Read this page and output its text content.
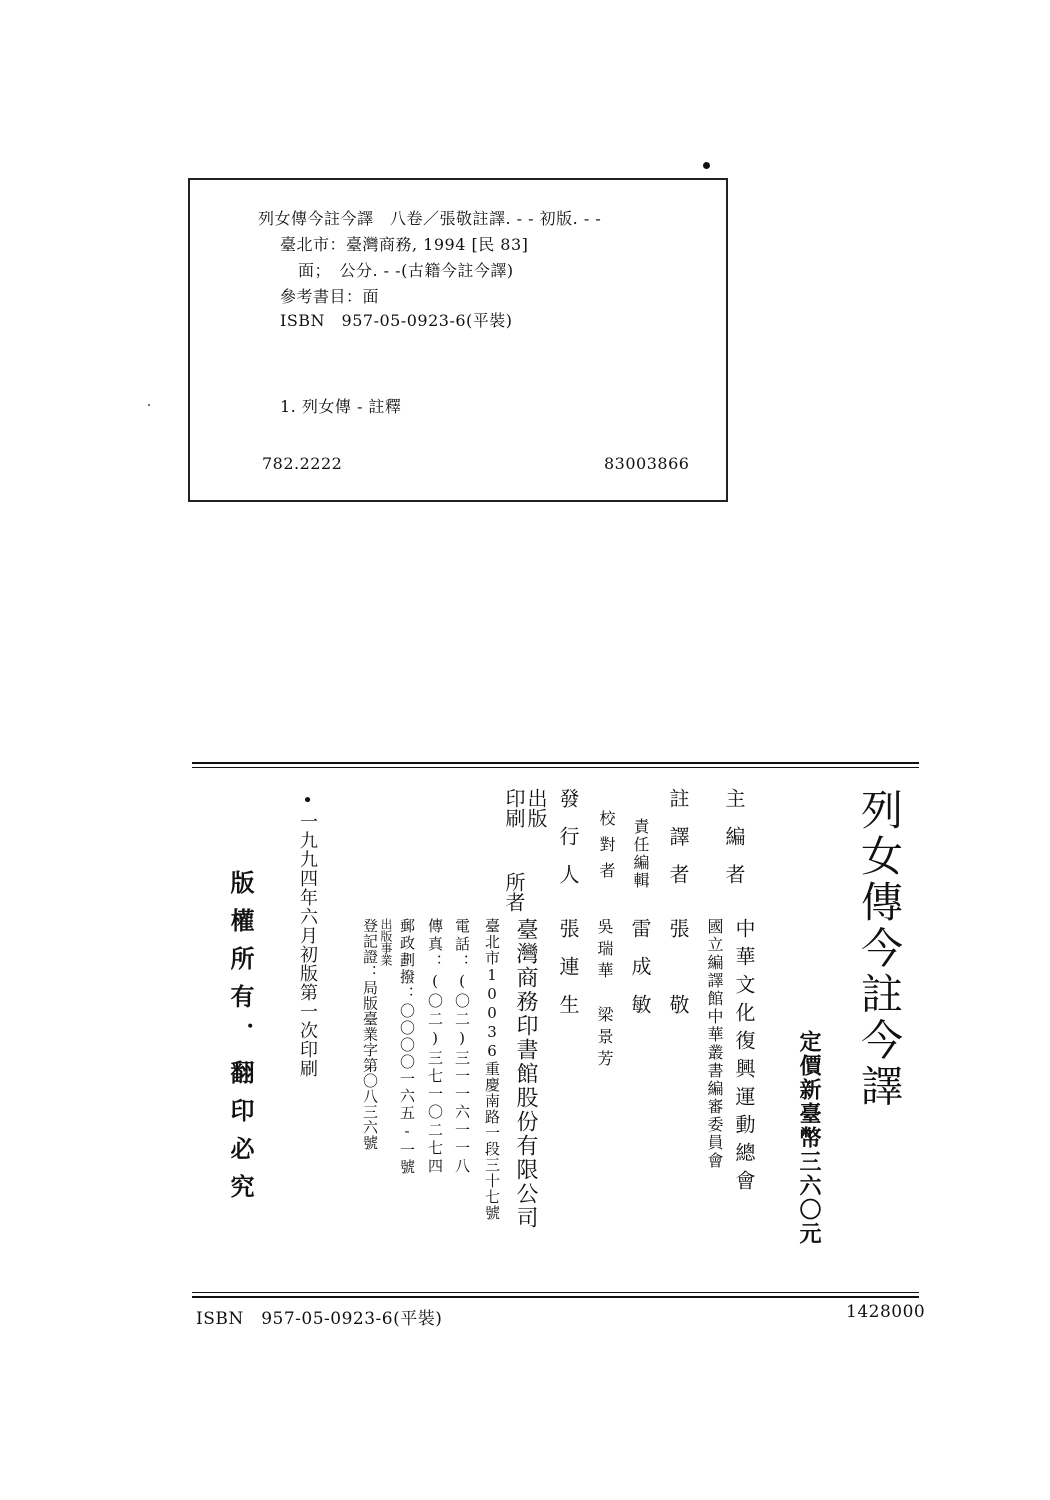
列女傳今註今譯　八卷／張敬註譯. - - 初版. - -
臺北市：臺灣商務, 1994 [民 83]
面；　公分. - -(古籍今註今譯)
參考書目：面
ISBN　957-05-0923-6(平裝)
1. 列女傳 - 註釋
782.2222	83003866
列女傳今註今譯
定價新臺幣三六〇元
主編者
中華文化復興運動總會
國立編譯館中華叢書編審委員會
註譯者
張　敬
責任編輯
雷成敏
校對者
吳瑞華　梁景芳
發行人
張連生
出版
印刷
所者
臺灣商務印書館股份有限公司
臺北市10036重慶南路一段三十七號
電話：(〇二)三一一六一一八
傳真：(〇二)三七一〇二七四
郵政劃撥：〇〇〇〇一六五-一號
出版事業
登記證：局版臺業字第〇八三六號
•一九九四年六月初版第一次印刷
版權所有．翻印必究
ISBN　957-05-0923-6(平裝)	1428000
